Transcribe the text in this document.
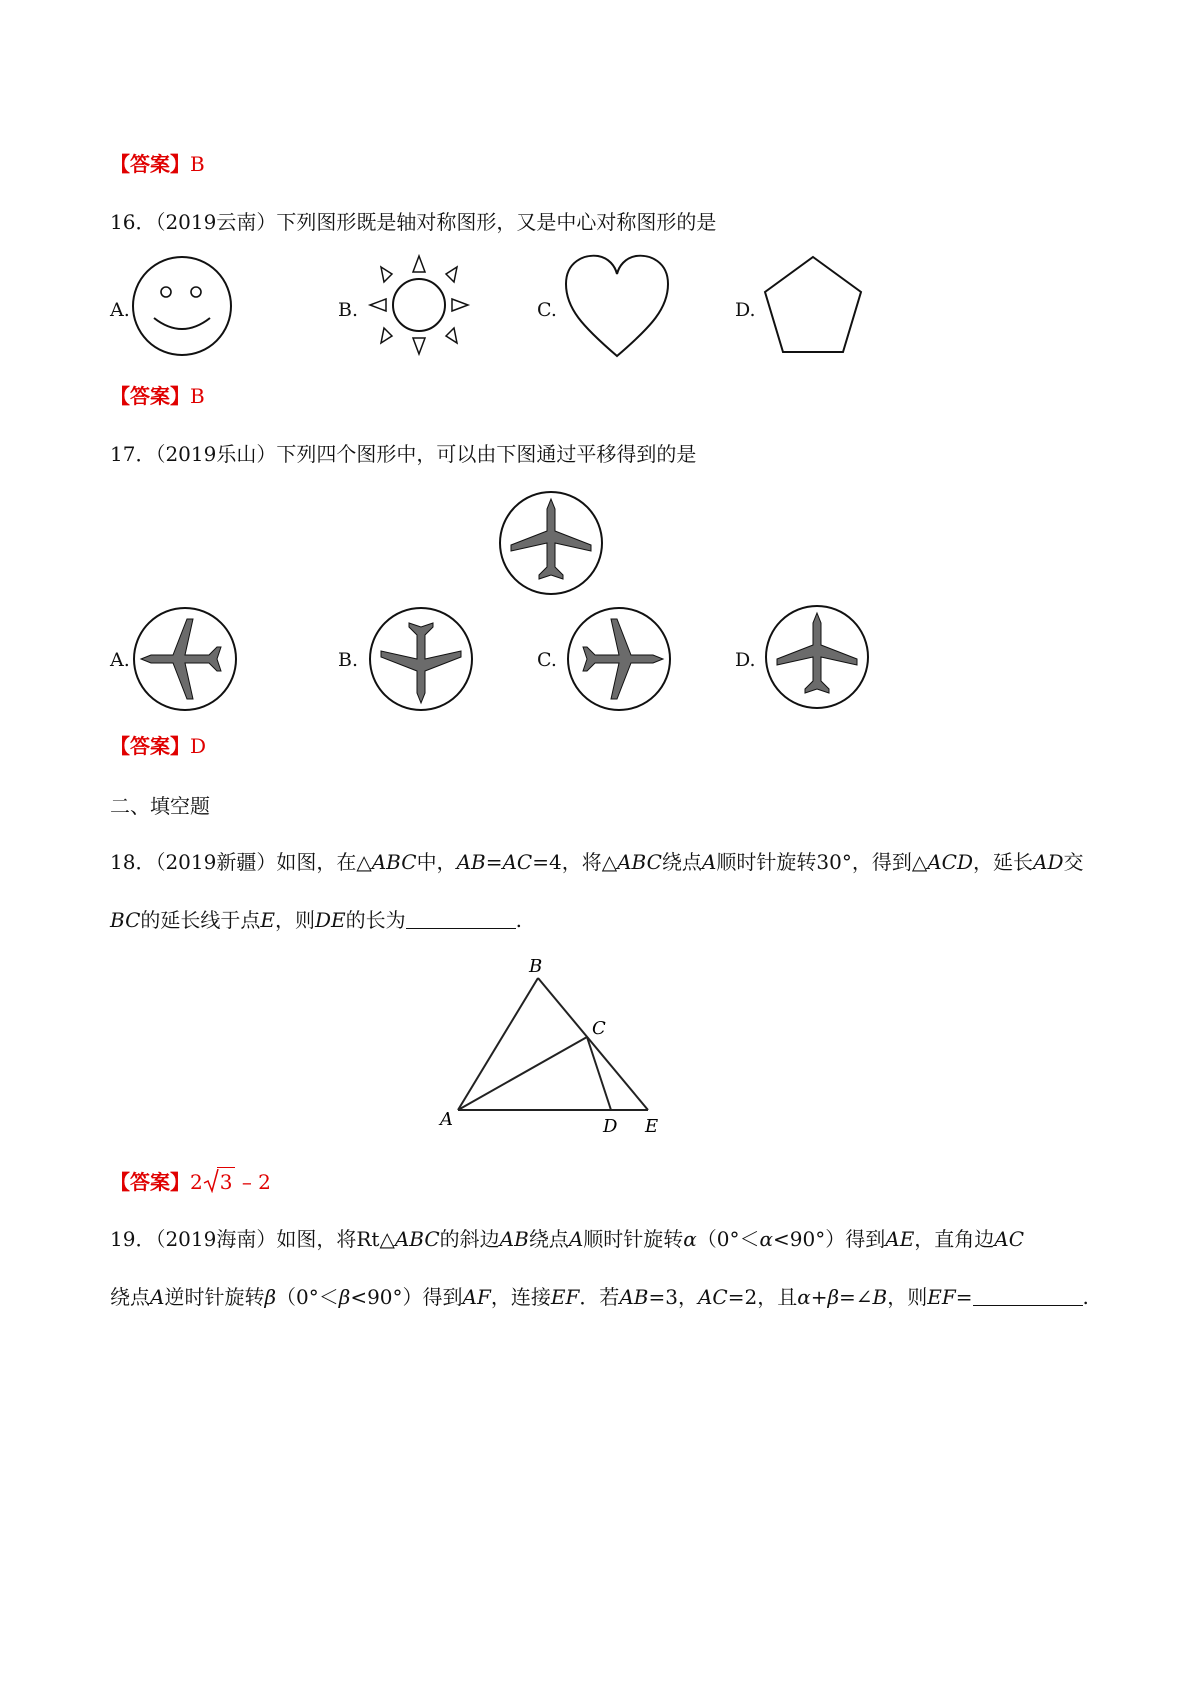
【答案】B
16．（2019云南）下列图形既是轴对称图形，又是中心对称图形的是
A.	B.	C.	D.
【答案】B
17．（2019乐山）下列四个图形中，可以由下图通过平移得到的是
A.	B.	C.	D.
【答案】D
二、填空题
18．（2019新疆）如图，在△ABC中，AB=AC=4，将△ABC绕点A顺时针旋转30°，得到△ACD，延长AD交
BC的延长线于点E，则DE的长为	.
B
C
A	D E
【答案】2 3 – 2
19．（2019海南）如图，将Rt△ABC的斜边AB绕点A顺时针旋转α（0°＜α<90°）得到AE，直角边AC
绕点A逆时针旋转β（0°＜β<90°）得到AF，连接EF．若AB=3，AC=2，且α+β=∠B，则EF=	.
